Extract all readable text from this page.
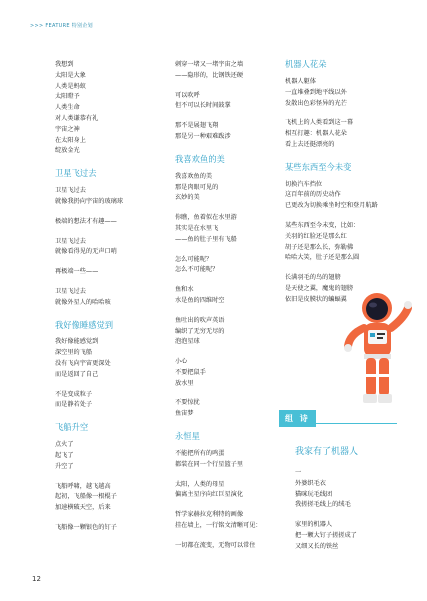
>>> FEATURE 特别企划
我想到
太阳是大象
人类是蚂蚁
太阳瞪予
人类生命
对人类谦恭有礼
宇宙之神
在太阳身上
绽放金光
卫星飞过去
卫星飞过去
就像我扔向宇宙的玻璃球
极端的想法才有趣——
卫星飞过去
就像看得见的无声口哨
再极端一些——
卫星飞过去
就像外星人的哈哈咳
我好像睡感觉到
我好像能感觉到
深空里的飞船
没有飞向宇宙更深处
而是返回了自己
不是变成粒子
而是静若处子
飞船升空
点火了
起飞了
升空了
飞船呼啸，越飞越高
起初，飞船像一根棍子
加速横破天空，后来
飞船像一颗银色的钉子
刺穿一堵又一堵宇宙之墙
——隐形的，比钢铁还硬
可以吹呼
但不可以长时间鼓掌
那不是展翅飞翔
那是另一种艰难跋涉
我喜欢鱼的美
我喜欢鱼的美
那是肉眼可见的
玄妙的美
你瞧，鱼着似在水里游
其实是在水里飞
——鱼的肚子里有飞船
怎么可能呢？
怎么不可能呢？
鱼和水
水是鱼的四维时空
鱼吐出的吹声英语
编织了无穷无尽的
泡泡星球
小心
不要把鼠手
放水里
不要惊扰
鱼宙梦
永恒星
不能把所有的鸣蛋
都装在同一个行星篮子里
太阳，人类的母星
偏离主星序向红巨星演化
哲学家赫拉克利特的画像
挂在墙上，一行铭文清晰可见：
一切都在流变，无物可以常住
机器人花朵
机器人躯体
一直堆叠到地平线以外
发散出色彩怪异的光芒
飞机上的人类看到这一幕
相互打趣：机器人花朵
看上去还挺漂亮的
某些东西至今未变
切换汽车挡位
这百年前的历史动作
已更改为切换乘坐时空和登月航路
某些东西至今未变，比如：
关羽的红脸还是那么红
胡子还是那么长，弥勒佛
哈哈大笑，肚子还是那么圆
长满羽毛的鸟的翅膀
是天使之翼，魔鬼的翅膀
依旧是皮膜状的蝙蝠翼
组 诗
我家有了机器人
一
外婆织毛衣
猫咪玩毛线团
我搓搓毛线上的绒毛
家里的机器人
把一颗大钉子搓搓成了
又细又长的铁丝
12
